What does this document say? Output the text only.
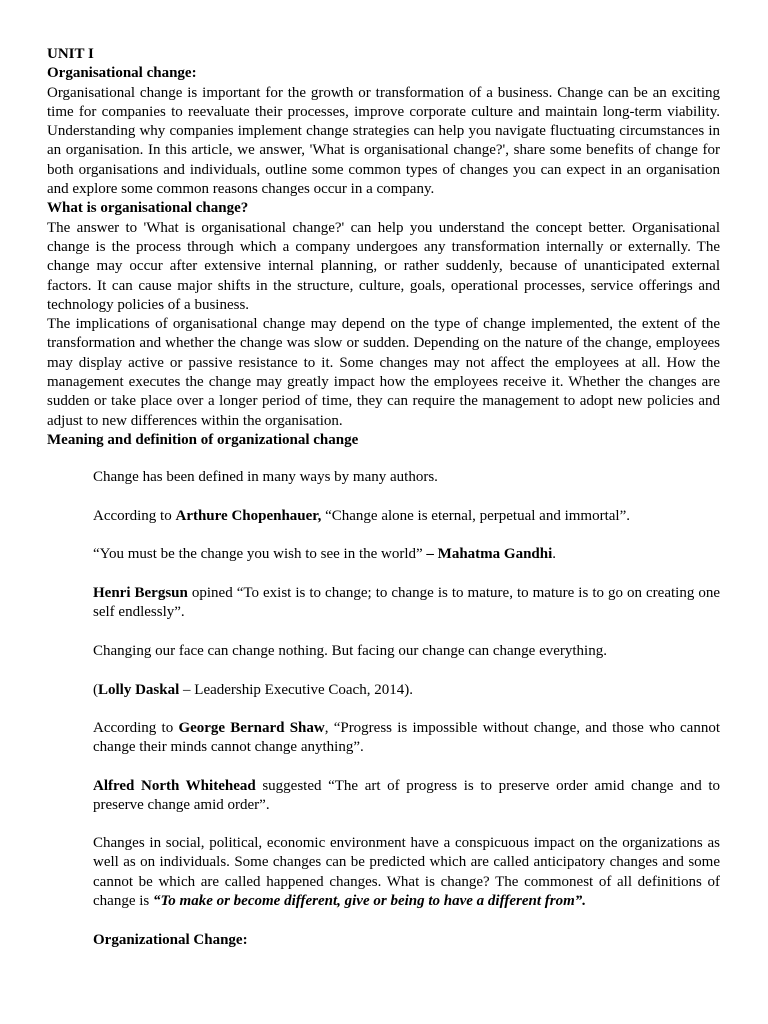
UNIT I

Organisational change:

Organisational change is important for the growth or transformation of a business. Change can be an exciting time for companies to reevaluate their processes, improve corporate culture and maintain long-term viability. Understanding why companies implement change strategies can help you navigate fluctuating circumstances in an organisation. In this article, we answer, 'What is organisational change?', share some benefits of change for both organisations and individuals, outline some common types of changes you can expect in an organisation and explore some common reasons changes occur in a company.

What is organisational change?

The answer to 'What is organisational change?' can help you understand the concept better. Organisational change is the process through which a company undergoes any transformation internally or externally. The change may occur after extensive internal planning, or rather suddenly, because of unanticipated external factors. It can cause major shifts in the structure, culture, goals, operational processes, service offerings and technology policies of a business.

The implications of organisational change may depend on the type of change implemented, the extent of the transformation and whether the change was slow or sudden. Depending on the nature of the change, employees may display active or passive resistance to it. Some changes may not affect the employees at all. How the management executes the change may greatly impact how the employees receive it. Whether the changes are sudden or take place over a longer period of time, they can require the management to adopt new policies and adjust to new differences within the organisation.

Meaning and definition of organizational change

Change has been defined in many ways by many authors.

According to Arthure Chopenhauer, “Change alone is eternal, perpetual and immortal”.

“You must be the change you wish to see in the world” – Mahatma Gandhi.

Henri Bergsun opined “To exist is to change; to change is to mature, to mature is to go on creating one self endlessly”.

Changing our face can change nothing. But facing our change can change everything.

(Lolly Daskal – Leadership Executive Coach, 2014).

According to George Bernard Shaw, “Progress is impossible without change, and those who cannot change their minds cannot change anything”.

Alfred North Whitehead suggested “The art of progress is to preserve order amid change and to preserve change amid order”.

Changes in social, political, economic environment have a conspicuous impact on the organizations as well as on individuals. Some changes can be predicted which are called anticipatory changes and some cannot be which are called happened changes. What is change? The commonest of all definitions of change is “To make or become different, give or being to have a different from”.

Organizational Change:
